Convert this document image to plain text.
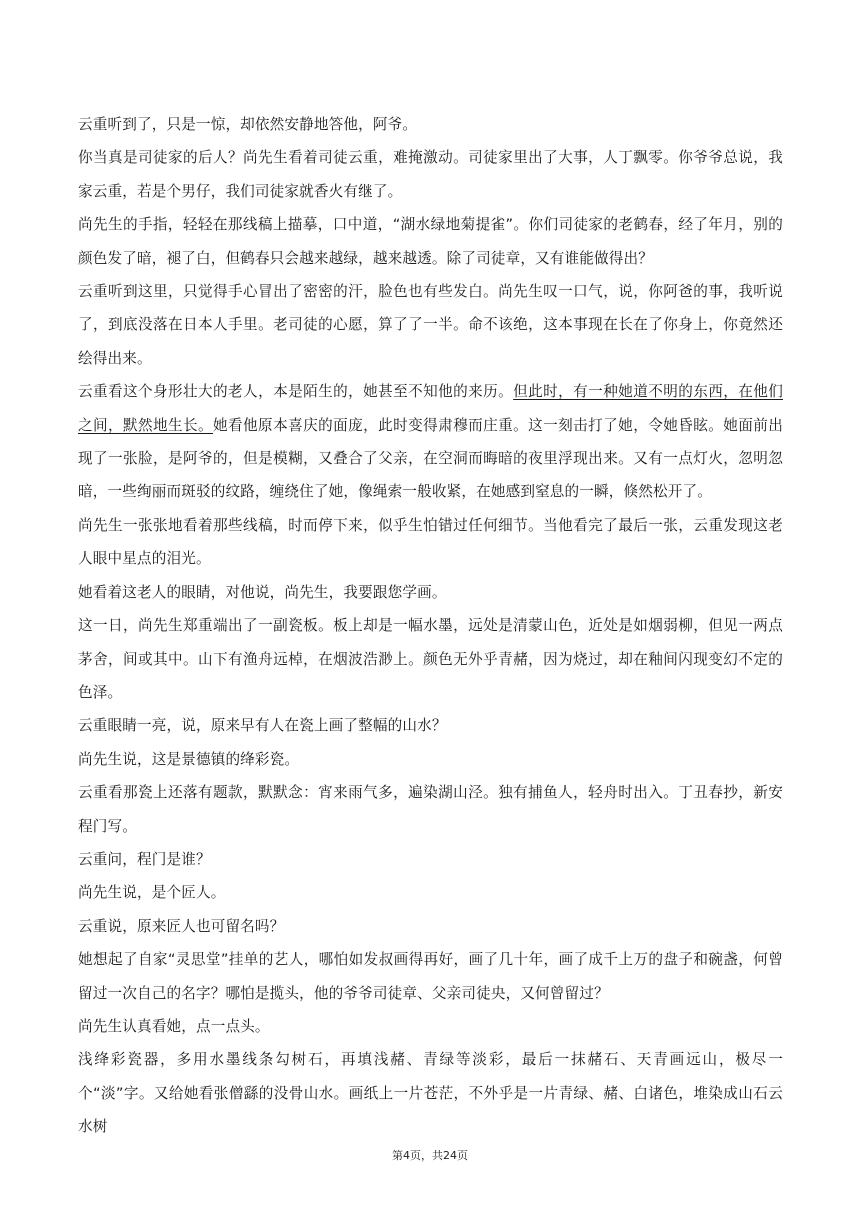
云重听到了，只是一惊，却依然安静地答他，阿爷。

你当真是司徒家的后人？尚先生看着司徒云重，难掩激动。司徒家里出了大事，人丁飘零。你爷爷总说，我家云重，若是个男仔，我们司徒家就香火有继了。

尚先生的手指，轻轻在那线稿上描摹，口中道，“湖水绿地菊提雀”。你们司徒家的老鹤春，经了年月，别的颜色发了暗，褪了白，但鹤春只会越来越绿，越来越透。除了司徒章，又有谁能做得出？

云重听到这里，只觉得手心冒出了密密的汗，脸色也有些发白。尚先生叹一口气，说，你阿爸的事，我听说了，到底没落在日本人手里。老司徒的心愿，算了了一半。命不该绝，这本事现在长在了你身上，你竟然还绘得出来。

云重看这个身形壮大的老人，本是陌生的，她甚至不知他的来历。但此时，有一种她道不明的东西，在他们之间，默然地生长。她看他原本喜庆的面庞，此时变得肃穆而庄重。这一刻击打了她，令她昏眩。她面前出现了一张脸，是阿爷的，但是模糊，又叠合了父亲，在空洞而晦暗的夜里浮现出来。又有一点灯火，忽明忽暗，一些绚丽而斑驳的纹路，缠绕住了她，像绳索一般收紧，在她感到窒息的一瞬，倏然松开了。

尚先生一张张地看着那些线稿，时而停下来，似乎生怕错过任何细节。当他看完了最后一张，云重发现这老人眼中星点的泪光。

她看着这老人的眼睛，对他说，尚先生，我要跟您学画。

这一日，尚先生郑重端出了一副瓷板。板上却是一幅水墨，远处是清蒙山色，近处是如烟弱柳，但见一两点茅舍，间或其中。山下有渔舟远棹，在烟波浩渺上。颜色无外乎青赭，因为烧过，却在釉间闪现变幻不定的色泽。

云重眼睛一亮，说，原来早有人在瓷上画了整幅的山水？

尚先生说，这是景德镇的绛彩瓷。

云重看那瓷上还落有题款，默默念：宵来雨气多，遍染湖山泾。独有捕鱼人，轻舟时出入。丁丑春抄，新安程门写。

云重问，程门是谁？

尚先生说，是个匠人。

云重说，原来匠人也可留名吗？

她想起了自家“灵思堂”挂单的艺人，哪怕如发叔画得再好，画了几十年，画了成千上万的盘子和碗盏，何曾留过一次自己的名字？哪怕是揽头，他的爷爷司徒章、父亲司徒央，又何曾留过？

尚先生认真看她，点一点头。

浅绛彩瓷器，多用水墨线条勾树石，再填浅赭、青绿等淡彩，最后一抹赭石、天青画远山，极尽一个“淡”字。又给她看张僧繇的没骨山水。画纸上一片苍茫，不外乎是一片青绿、赭、白诸色，堆染成山石云水树

第4页，共24页
